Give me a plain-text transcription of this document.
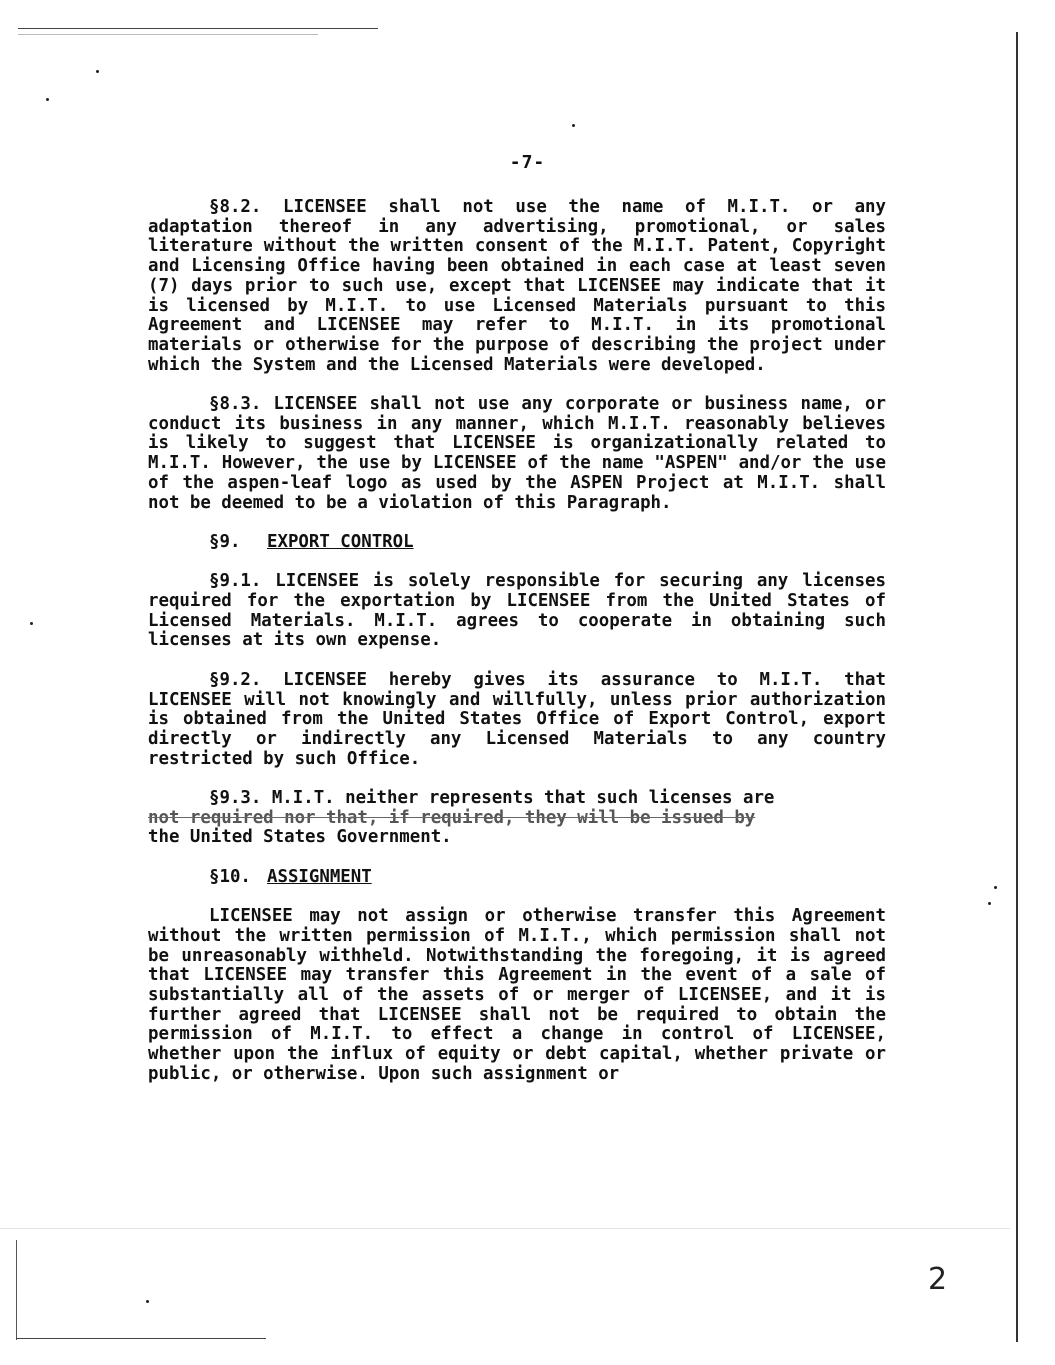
-7-

§8.2. LICENSEE shall not use the name of M.I.T. or any adaptation thereof in any advertising, promotional, or sales literature without the written consent of the M.I.T. Patent, Copyright and Licensing Office having been obtained in each case at least seven (7) days prior to such use, except that LICENSEE may indicate that it is licensed by M.I.T. to use Licensed Materials pursuant to this Agreement and LICENSEE may refer to M.I.T. in its promotional materials or otherwise for the purpose of describing the project under which the System and the Licensed Materials were developed.

§8.3. LICENSEE shall not use any corporate or business name, or conduct its business in any manner, which M.I.T. reasonably believes is likely to suggest that LICENSEE is organizationally related to M.I.T. However, the use by LICENSEE of the name "ASPEN" and/or the use of the aspen-leaf logo as used by the ASPEN Project at M.I.T. shall not be deemed to be a violation of this Paragraph.

§9. EXPORT CONTROL

§9.1. LICENSEE is solely responsible for securing any licenses required for the exportation by LICENSEE from the United States of Licensed Materials. M.I.T. agrees to cooperate in obtaining such licenses at its own expense.

§9.2. LICENSEE hereby gives its assurance to M.I.T. that LICENSEE will not knowingly and willfully, unless prior authorization is obtained from the United States Office of Export Control, export directly or indirectly any Licensed Materials to any country restricted by such Office.

§9.3. M.I.T. neither represents that such licenses are
not required nor that, if required, they will be issued by
the United States Government.
§10. ASSIGNMENT

LICENSEE may not assign or otherwise transfer this Agreement without the written permission of M.I.T., which permission shall not be unreasonably withheld. Notwithstanding the foregoing, it is agreed that LICENSEE may transfer this Agreement in the event of a sale of substantially all of the assets of or merger of LICENSEE, and it is further agreed that LICENSEE shall not be required to obtain the permission of M.I.T. to effect a change in control of LICENSEE, whether upon the influx of equity or debt capital, whether private or public, or otherwise. Upon such assignment or

2
